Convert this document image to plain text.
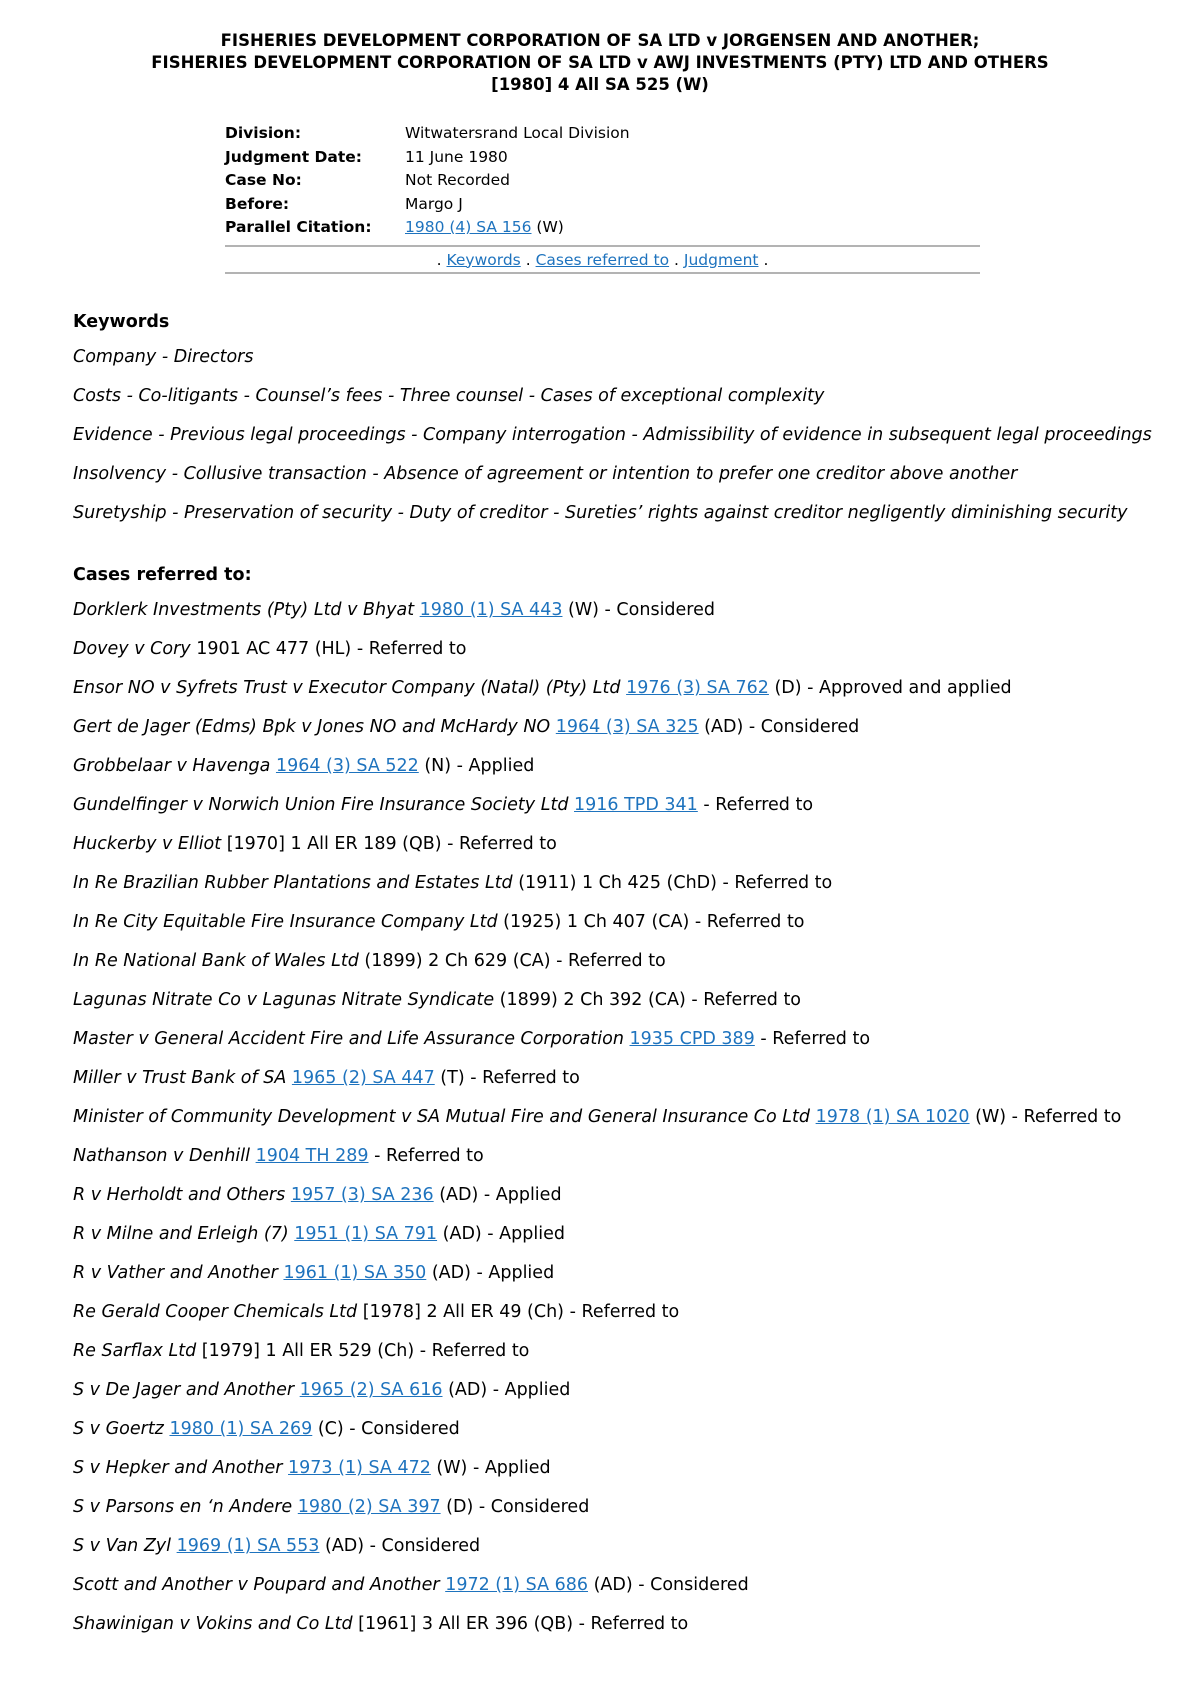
FISHERIES DEVELOPMENT CORPORATION OF SA LTD v JORGENSEN AND ANOTHER;
FISHERIES DEVELOPMENT CORPORATION OF SA LTD v AWJ INVESTMENTS (PTY) LTD AND OTHERS
[1980] 4 All SA 525 (W)
Division:	Witwatersrand Local Division
Judgment Date:	11 June 1980
Case No:	Not Recorded
Before:	Margo J
Parallel Citation:	1980 (4) SA 156 (W)
. Keywords . Cases referred to . Judgment .
Keywords
Company - Directors
Costs - Co-litigants - Counsel’s fees - Three counsel - Cases of exceptional complexity
Evidence - Previous legal proceedings - Company interrogation - Admissibility of evidence in subsequent legal proceedings
Insolvency - Collusive transaction - Absence of agreement or intention to prefer one creditor above another
Suretyship - Preservation of security - Duty of creditor - Sureties’ rights against creditor negligently diminishing security
Cases referred to:
Dorklerk Investments (Pty) Ltd v Bhyat 1980 (1) SA 443 (W) - Considered
Dovey v Cory 1901 AC 477 (HL) - Referred to
Ensor NO v Syfrets Trust v Executor Company (Natal) (Pty) Ltd 1976 (3) SA 762 (D) - Approved and applied
Gert de Jager (Edms) Bpk v Jones NO and McHardy NO 1964 (3) SA 325 (AD) - Considered
Grobbelaar v Havenga 1964 (3) SA 522 (N) - Applied
Gundelfinger v Norwich Union Fire Insurance Society Ltd 1916 TPD 341 - Referred to
Huckerby v Elliot [1970] 1 All ER 189 (QB) - Referred to
In Re Brazilian Rubber Plantations and Estates Ltd (1911) 1 Ch 425 (ChD) - Referred to
In Re City Equitable Fire Insurance Company Ltd (1925) 1 Ch 407 (CA) - Referred to
In Re National Bank of Wales Ltd (1899) 2 Ch 629 (CA) - Referred to
Lagunas Nitrate Co v Lagunas Nitrate Syndicate (1899) 2 Ch 392 (CA) - Referred to
Master v General Accident Fire and Life Assurance Corporation 1935 CPD 389 - Referred to
Miller v Trust Bank of SA 1965 (2) SA 447 (T) - Referred to
Minister of Community Development v SA Mutual Fire and General Insurance Co Ltd 1978 (1) SA 1020 (W) - Referred to
Nathanson v Denhill 1904 TH 289 - Referred to
R v Herholdt and Others 1957 (3) SA 236 (AD) - Applied
R v Milne and Erleigh (7) 1951 (1) SA 791 (AD) - Applied
R v Vather and Another 1961 (1) SA 350 (AD) - Applied
Re Gerald Cooper Chemicals Ltd [1978] 2 All ER 49 (Ch) - Referred to
Re Sarflax Ltd [1979] 1 All ER 529 (Ch) - Referred to
S v De Jager and Another 1965 (2) SA 616 (AD) - Applied
S v Goertz 1980 (1) SA 269 (C) - Considered
S v Hepker and Another 1973 (1) SA 472 (W) - Applied
S v Parsons en ‘n Andere 1980 (2) SA 397 (D) - Considered
S v Van Zyl 1969 (1) SA 553 (AD) - Considered
Scott and Another v Poupard and Another 1972 (1) SA 686 (AD) - Considered
Shawinigan v Vokins and Co Ltd [1961] 3 All ER 396 (QB) - Referred to
